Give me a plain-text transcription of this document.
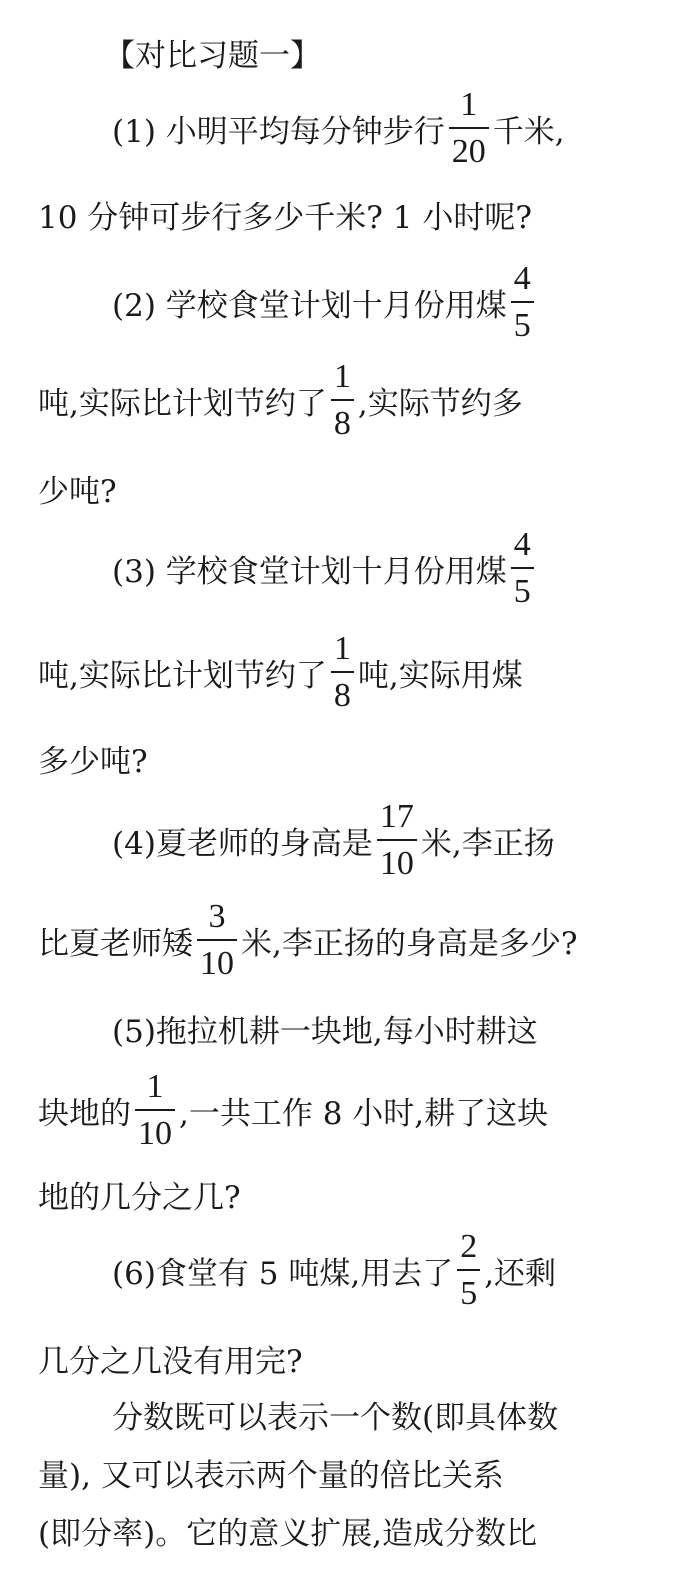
【对比习题一】
(1) 小明平均每分钟步行 $\frac{1}{20}$ 千米,
10 分钟可步行多少千米? 1 小时呢?
(2) 学校食堂计划十月份用煤 $\frac{4}{5}$
吨,实际比计划节约了 $\frac{1}{8}$ ,实际节约多
少吨?
(3) 学校食堂计划十月份用煤 $\frac{4}{5}$
吨,实际比计划节约了 $\frac{1}{8}$ 吨,实际用煤
多少吨?
(4)夏老师的身高是 $\frac{17}{10}$ 米,李正扬
比夏老师矮 $\frac{3}{10}$ 米,李正扬的身高是多少?
(5)拖拉机耕一块地,每小时耕这
块地的 $\frac{1}{10}$ ,一共工作 8 小时,耕了这块
地的几分之几?
(6)食堂有 5 吨煤,用去了 $\frac{2}{5}$ ,还剩
几分之几没有用完?
分数既可以表示一个数(即具体数
量), 又可以表示两个量的倍比关系
(即分率)。它的意义扩展,造成分数比
